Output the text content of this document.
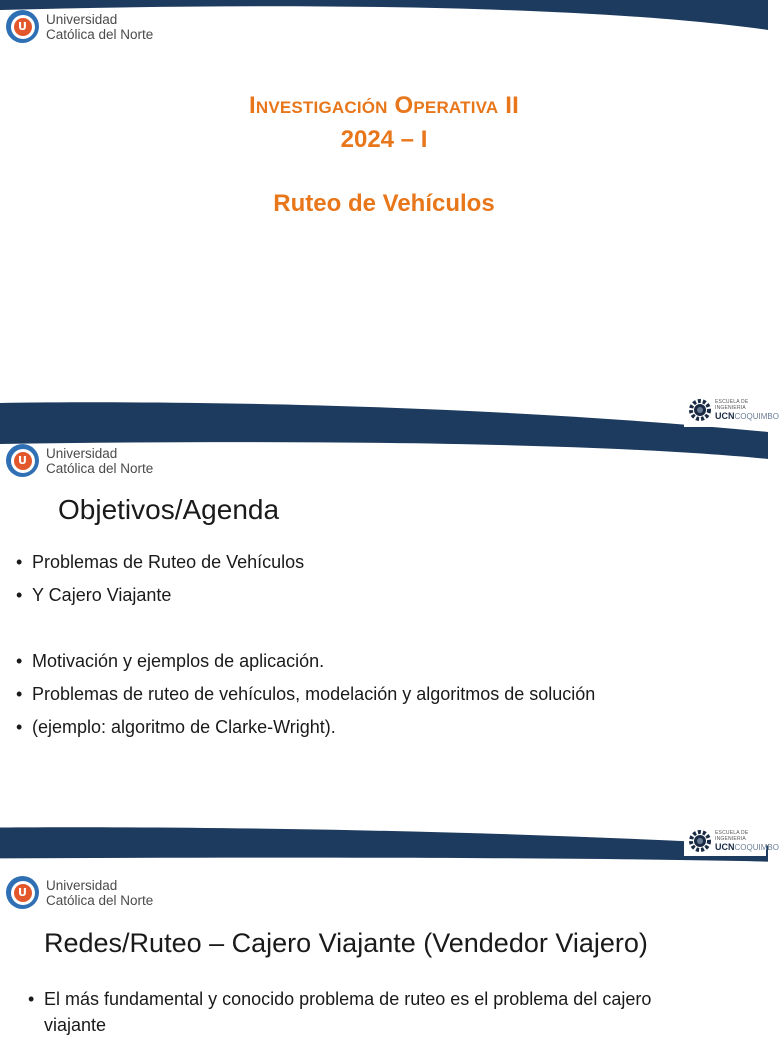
U	Universidad
Católica del Norte
Investigación Operativa II
2024 – I
Ruteo de Vehículos
ESCUELA DE INGENIERIA
UCNCOQUIMBO
U	Universidad
Católica del Norte
Objetivos/Agenda
• Problemas de Ruteo de Vehículos
• Y Cajero Viajante
• Motivación y ejemplos de aplicación.
• Problemas de ruteo de vehículos, modelación y algoritmos de solución
• (ejemplo: algoritmo de Clarke-Wright).
ESCUELA DE INGENIERIA
UCNCOQUIMBO
U	Universidad
Católica del Norte
Redes/Ruteo – Cajero Viajante (Vendedor Viajero)
• El más fundamental y conocido problema de ruteo es el problema del cajero
viajante
